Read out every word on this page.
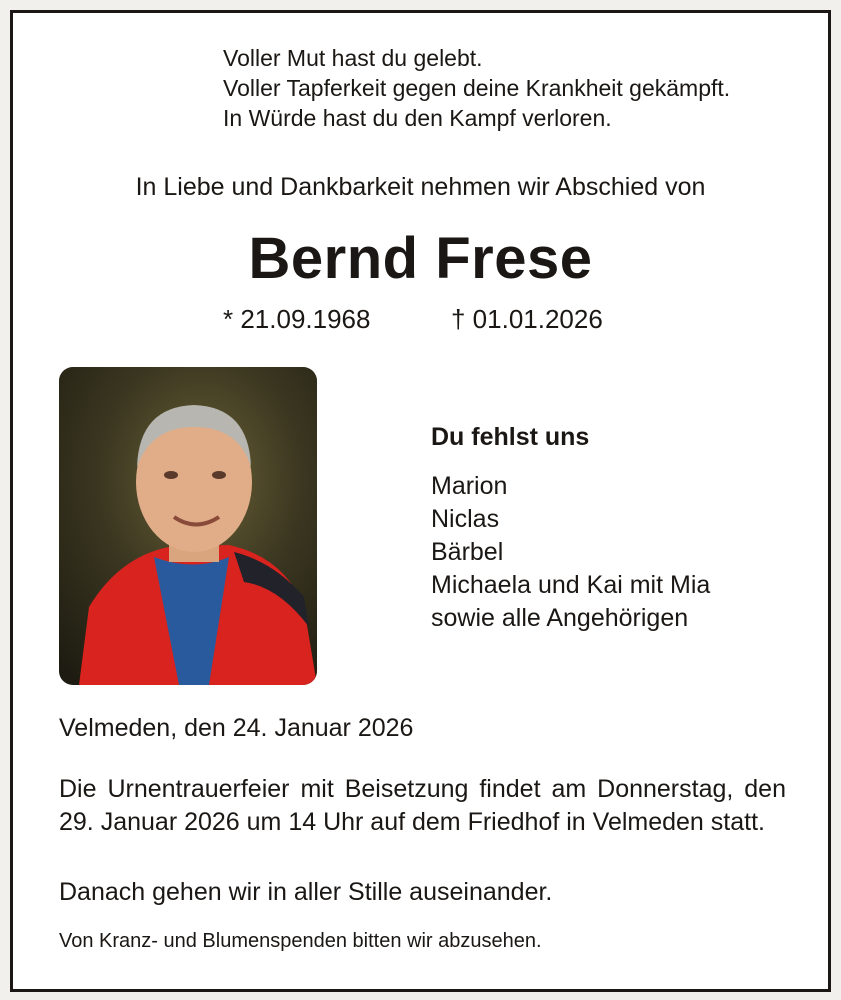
Voller Mut hast du gelebt.
Voller Tapferkeit gegen deine Krankheit gekämpft.
In Würde hast du den Kampf verloren.
In Liebe und Dankbarkeit nehmen wir Abschied von
Bernd Frese
* 21.09.1968	† 01.01.2026
Du fehlst uns
Marion
Niclas
Bärbel
Michaela und Kai mit Mia
sowie alle Angehörigen
Velmeden, den 24. Januar 2026
Die Urnentrauerfeier mit Beisetzung findet am Donnerstag, den 29. Januar 2026 um 14 Uhr auf dem Friedhof in Velmeden statt.
Danach gehen wir in aller Stille auseinander.
Von Kranz- und Blumenspenden bitten wir abzusehen.
